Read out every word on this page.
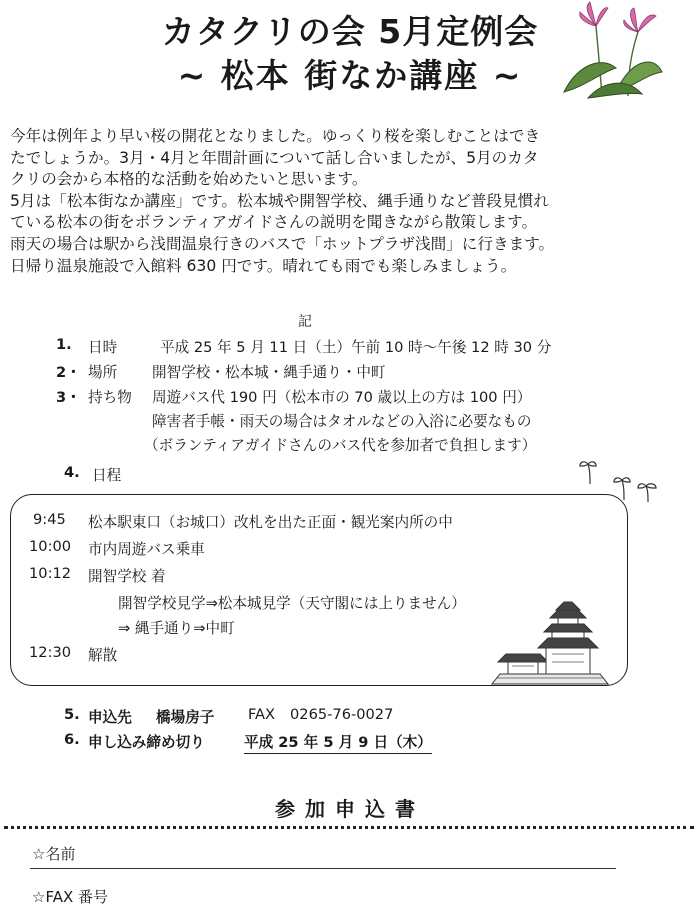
カタクリの会 5月定例会
~ 松本 街なか講座 ~
今年は例年より早い桜の開花となりました。ゆっくり桜を楽しむことはでき
たでしょうか。3月・4月と年間計画について話し合いましたが、5月のカタ
クリの会から本格的な活動を始めたいと思います。
5月は「松本街なか講座」です。松本城や開智学校、縄手通りなど普段見慣れ
ている松本の街をボランティアガイドさんの説明を聞きながら散策します。
雨天の場合は駅から浅間温泉行きのバスで「ホットプラザ浅間」に行きます。
日帰り温泉施設で入館料 630 円です。晴れても雨でも楽しみましょう。
記
1. 日時	平成 25 年 5 月 11 日（土）午前 10 時～午後 12 時 30 分
2・ 場所 開智学校・松本城・縄手通り・中町
3・ 持ち物 周遊バス代 190 円（松本市の 70 歳以上の方は 100 円）
障害者手帳・雨天の場合はタオルなどの入浴に必要なもの
（ボランティアガイドさんのバス代を参加者で負担します）
4. 日程
9:45 松本駅東口（お城口）改札を出た正面・観光案内所の中
10:00 市内周遊バス乗車
10:12 開智学校 着
開智学校見学⇒松本城見学（天守閣には上りません）
⇒ 縄手通り⇒中町
12:30 解散
5. 申込先 橋場房子 FAX 0265-76-0027
6. 申し込み締め切り	平成 25 年 5 月 9 日（木）
参加申込書
☆名前
☆FAX 番号
